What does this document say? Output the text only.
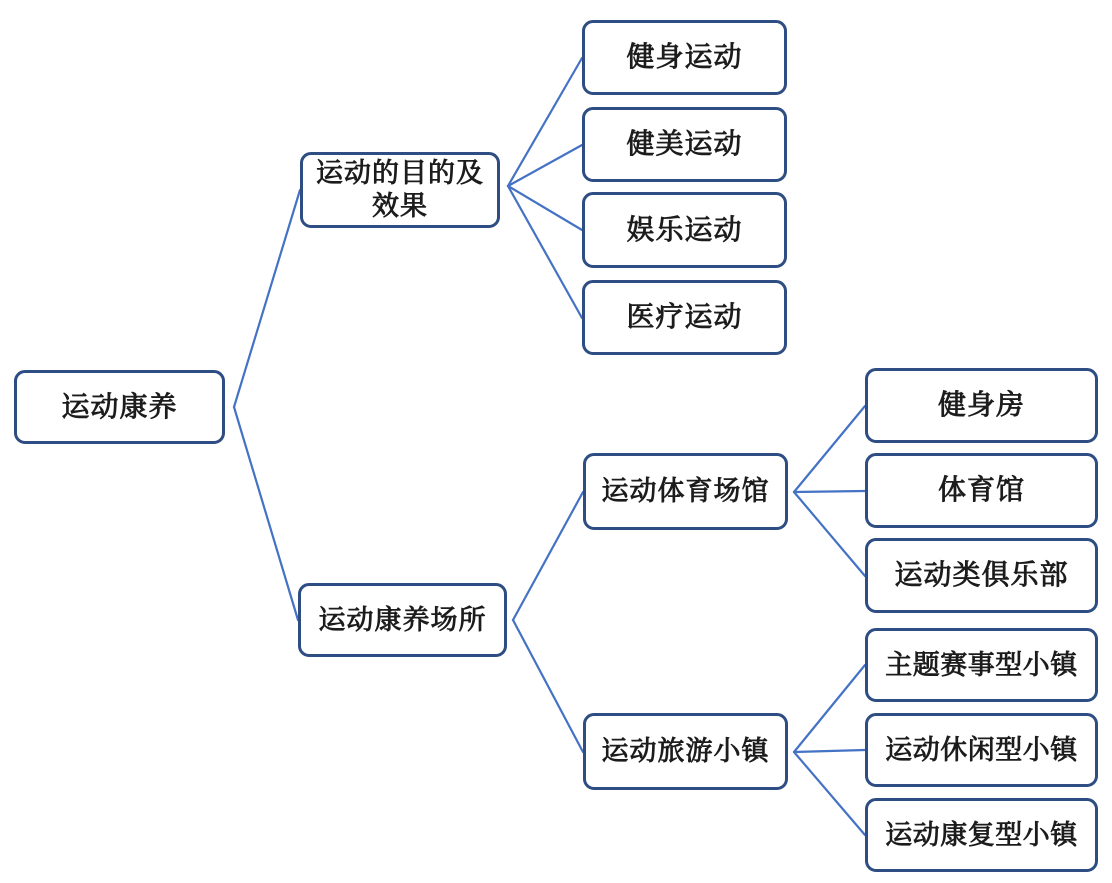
运动康养
运动的目的及效果
运动康养场所
健身运动
健美运动
娱乐运动
医疗运动
运动体育场馆
运动旅游小镇
健身房
体育馆
运动类俱乐部
主题赛事型小镇
运动休闲型小镇
运动康复型小镇
